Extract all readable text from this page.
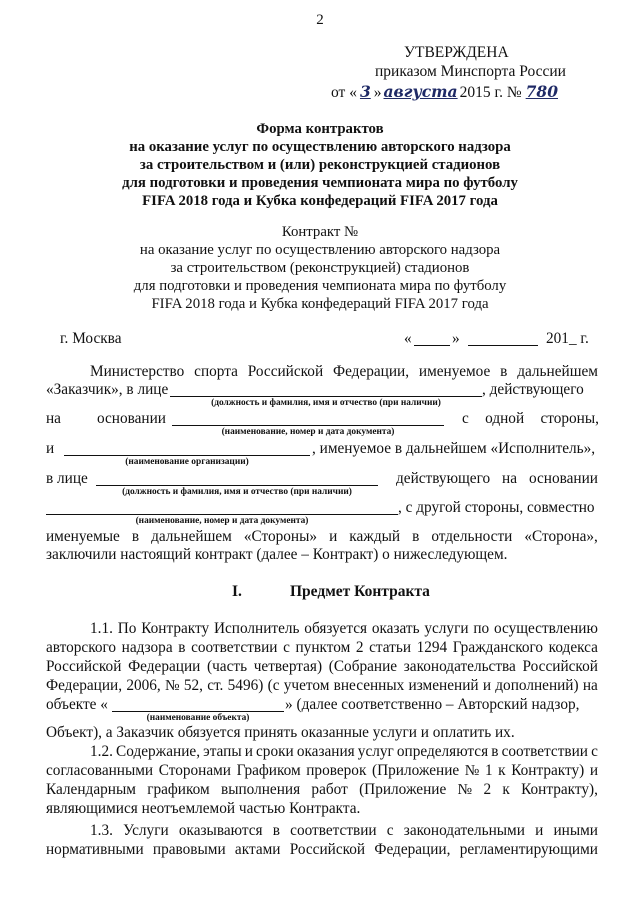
2
УТВЕРЖДЕНА
приказом Минспорта России
от « 3 » августа 2015 г. № 780
Форма контрактов
на оказание услуг по осуществлению авторского надзора
за строительством и (или) реконструкцией стадионов
для подготовки и проведения чемпионата мира по футболу
FIFA 2018 года и Кубка конфедераций FIFA 2017 года
Контракт №
на оказание услуг по осуществлению авторского надзора
за строительством (реконструкцией) стадионов
для подготовки и проведения чемпионата мира по футболу
FIFA 2018 года и Кубка конфедераций FIFA 2017 года
г. Москва	«	»	201_ г.
Министерство спорта Российской Федерации, именуемое в дальнейшем
«Заказчик», в лице	, действующего
(должность и фамилия, имя и отчество (при наличии)
на основании	с одной стороны,
(наименование, номер и дата документа)
и	, именуемое в дальнейшем «Исполнитель»,
(наименование организации)
в лице	действующего на основании
(должность и фамилия, имя и отчество (при наличии)
, с другой стороны, совместно
(наименование, номер и дата документа)
именуемые в дальнейшем «Стороны» и каждый в отдельности «Сторона»,
заключили настоящий контракт (далее – Контракт) о нижеследующем.
I.	Предмет Контракта
1.1. По Контракту Исполнитель обязуется оказать услуги по осуществлению
авторского надзора в соответствии с пунктом 2 статьи 1294 Гражданского кодекса
Российской Федерации (часть четвертая) (Собрание законодательства Российской
Федерации, 2006, № 52, ст. 5496) (с учетом внесенных изменений и дополнений) на
объекте «	» (далее соответственно – Авторский надзор,
(наименование объекта)
Объект), а Заказчик обязуется принять оказанные услуги и оплатить их.
1.2. Содержание, этапы и сроки оказания услуг определяются в соответствии с
согласованными Сторонами Графиком проверок (Приложение № 1 к Контракту) и
Календарным графиком выполнения работ (Приложение № 2 к Контракту),
являющимися неотъемлемой частью Контракта.
1.3. Услуги оказываются в соответствии с законодательными и иными
нормативными правовыми актами Российской Федерации, регламентирующими
